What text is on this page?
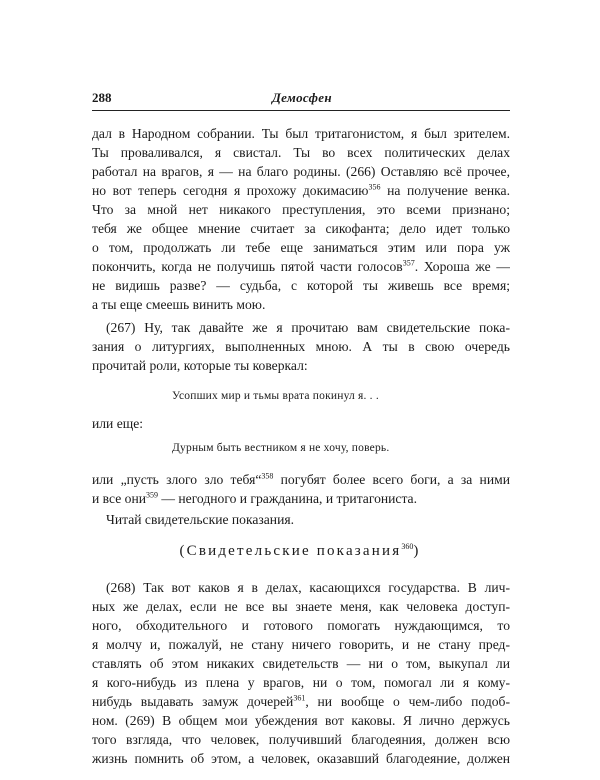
288	Демосфен
дал в Народном собрании. Ты был тритагонистом, я был зрителем.
Ты проваливался, я свистал. Ты во всех политических делах
работал на врагов, я — на благо родины. (266) Оставляю всё прочее,
но вот теперь сегодня я прохожу докимасию$^{356}$ на получение венка.
Что за мной нет никакого преступления, это всеми признано;
тебя же общее мнение считает за сикофанта; дело идет только
о том, продолжать ли тебе еще заниматься этим или пора уж
покончить, когда не получишь пятой части голосов$^{357}$. Хороша же —
не видишь разве? — судьба, с которой ты живешь все время;
а ты еще смеешь винить мою.
(267) Ну, так давайте же я прочитаю вам свидетельские пока-
зания о литургиях, выполненных мною. А ты в свою очередь
прочитай роли, которые ты коверкал:
Усопших мир и тьмы врата покинул я. . .
или еще:
Дурным быть вестником я не хочу, поверь.
или „пусть злого зло тебя“$^{358}$ погубят более всего боги, а за ними
и все они$^{359}$ — негодного и гражданина, и тритагониста.
Читай свидетельские показания.
(Свидетельские показания$^{360}$)
(268) Так вот каков я в делах, касающихся государства. В лич-
ных же делах, если не все вы знаете меня, как человека доступ-
ного, обходительного и готового помогать нуждающимся, то
я молчу и, пожалуй, не стану ничего говорить, и не стану пред-
ставлять об этом никаких свидетельств — ни о том, выкупал ли
я кого-нибудь из плена у врагов, ни о том, помогал ли я кому-
нибудь выдавать замуж дочерей$^{361}$, ни вообще о чем-либо подоб-
ном. (269) В общем мои убеждения вот каковы. Я лично держусь
того взгляда, что человек, получивший благодеяния, должен всю
жизнь помнить об этом, а человек, оказавший благодеяние, должен
